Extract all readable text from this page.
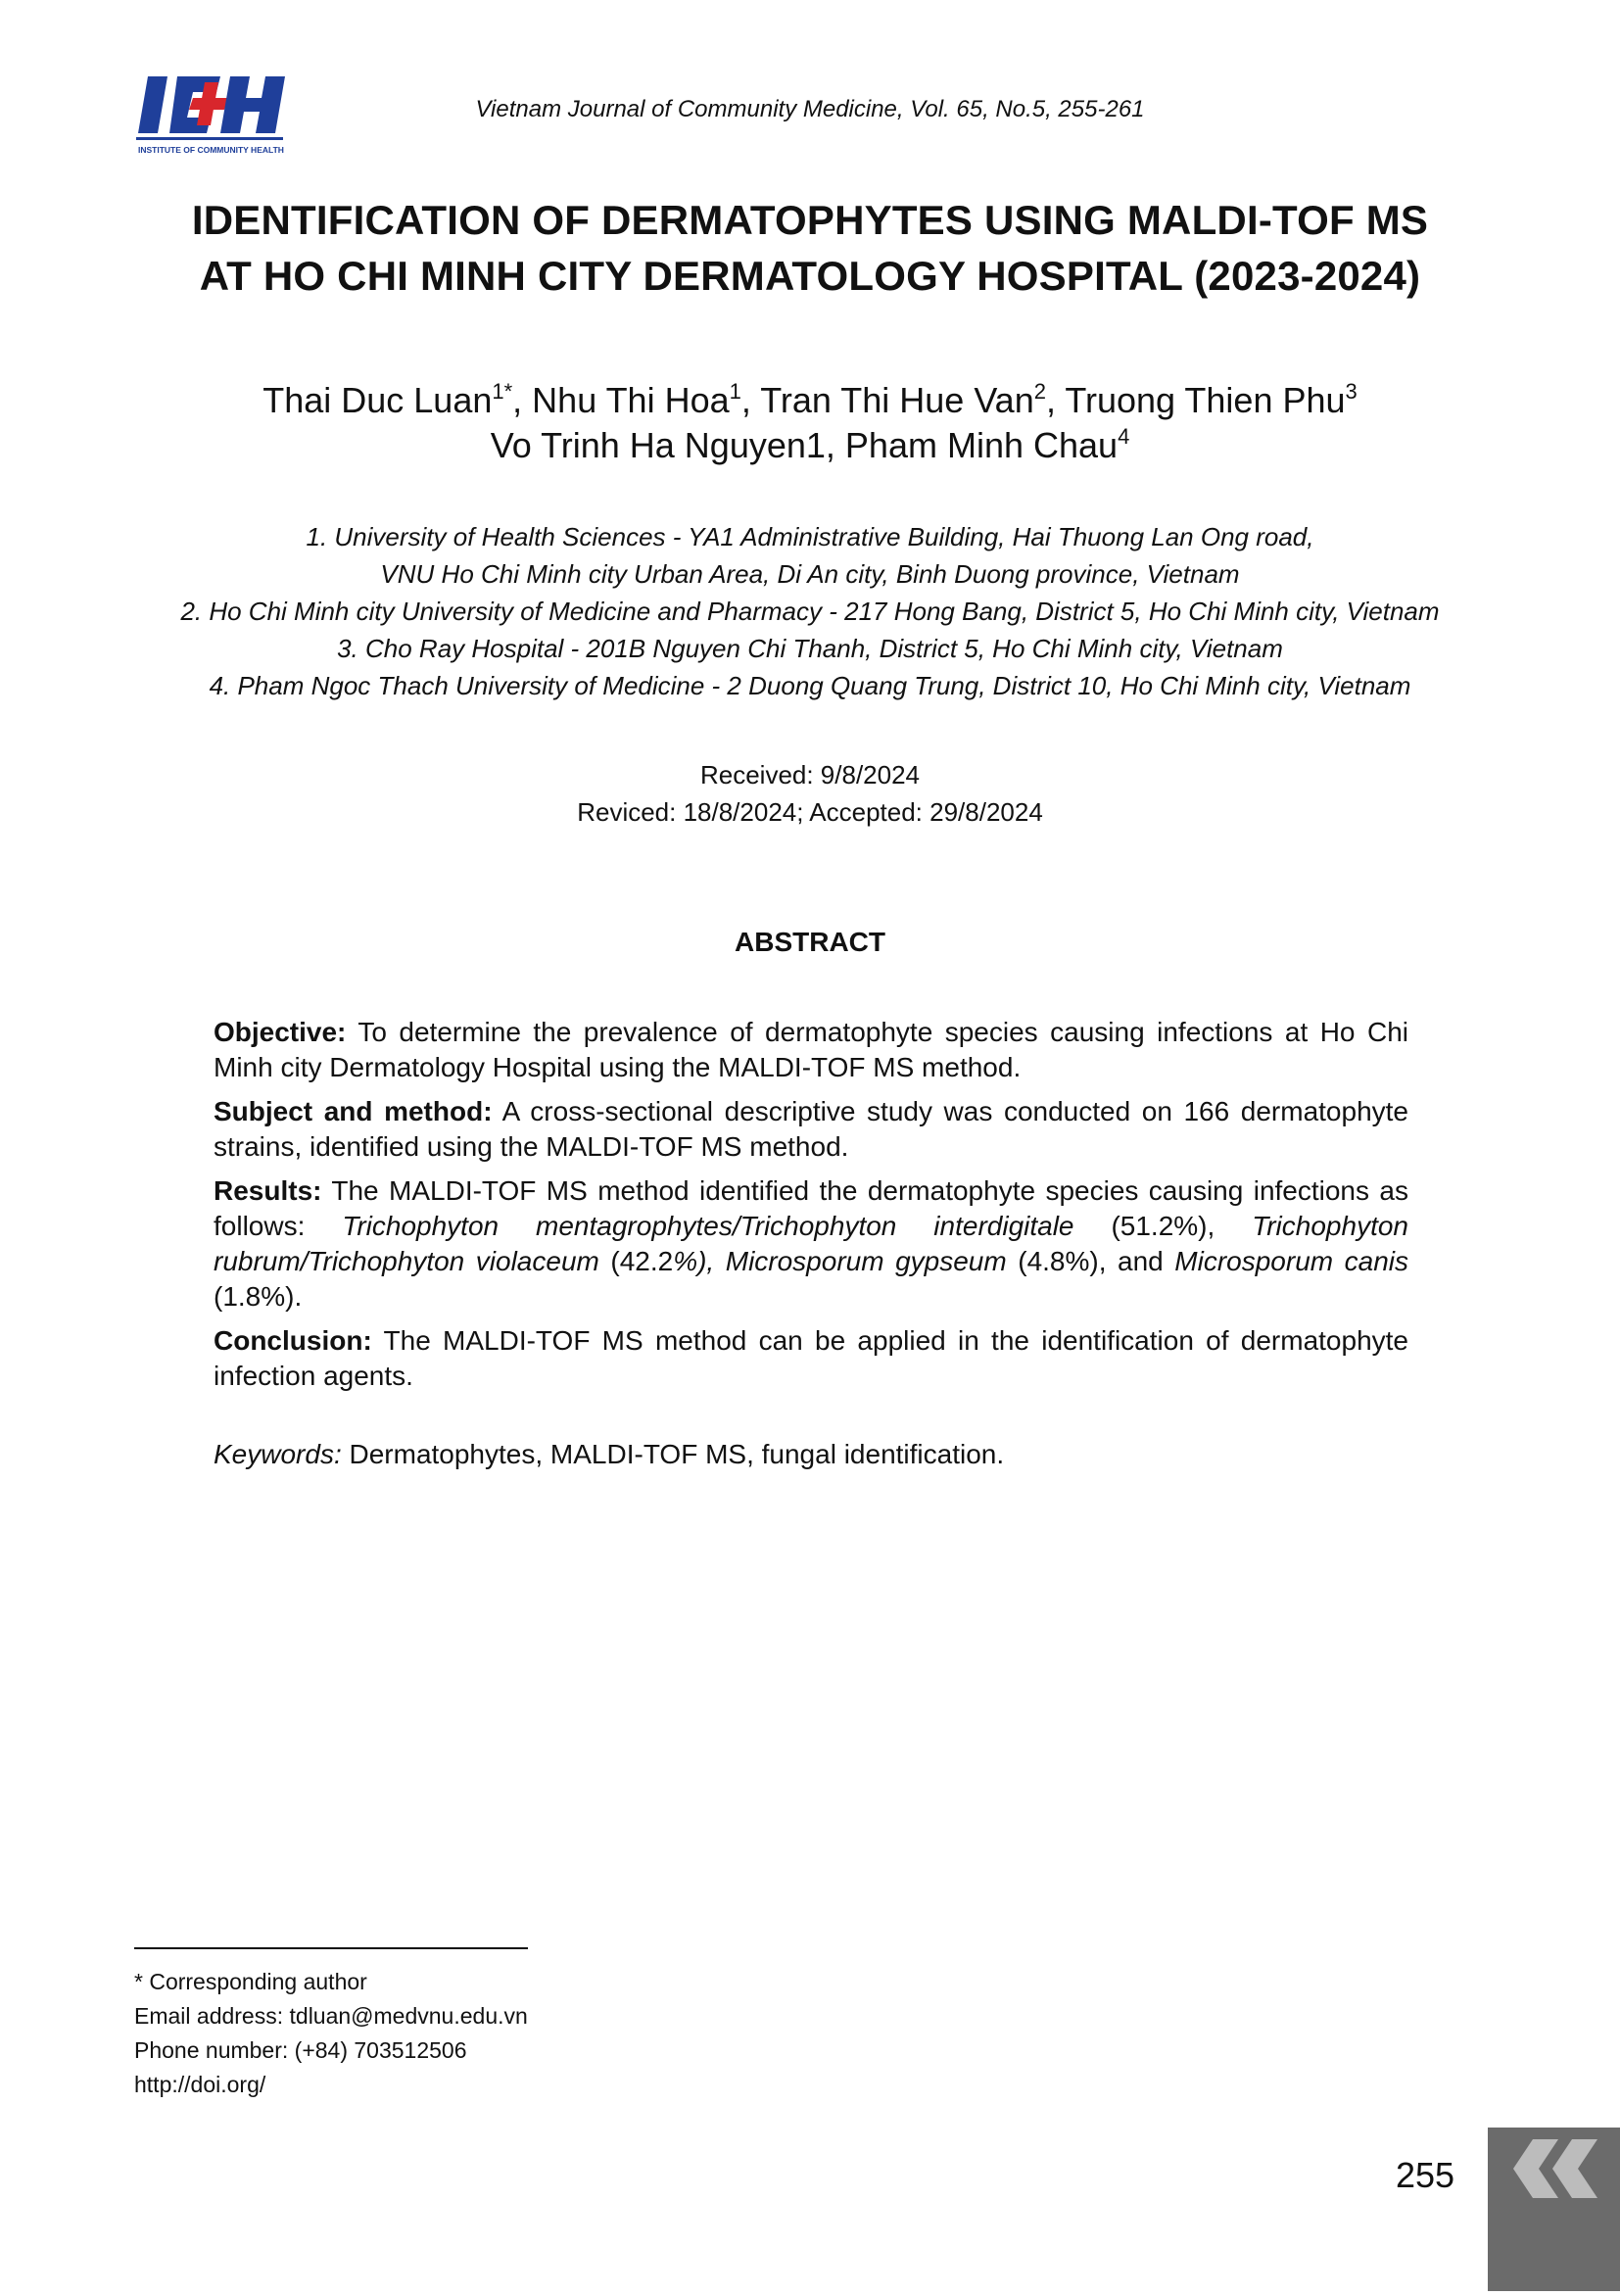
INSTITUTE OF COMMUNITY HEALTH
Vietnam Journal of Community Medicine, Vol. 65, No.5, 255-261
IDENTIFICATION OF DERMATOPHYTES USING MALDI-TOF MS
AT HO CHI MINH CITY DERMATOLOGY HOSPITAL (2023-2024)
Thai Duc Luan$^{1*}$, Nhu Thi Hoa$^1$, Tran Thi Hue Van$^2$, Truong Thien Phu$^3$
Vo Trinh Ha Nguyen1, Pham Minh Chau$^4$
1. University of Health Sciences - YA1 Administrative Building, Hai Thuong Lan Ong road,
VNU Ho Chi Minh city Urban Area, Di An city, Binh Duong province, Vietnam
2. Ho Chi Minh city University of Medicine and Pharmacy - 217 Hong Bang, District 5, Ho Chi Minh city, Vietnam
3. Cho Ray Hospital - 201B Nguyen Chi Thanh, District 5, Ho Chi Minh city, Vietnam
4. Pham Ngoc Thach University of Medicine - 2 Duong Quang Trung, District 10, Ho Chi Minh city, Vietnam
Received: 9/8/2024
Reviced: 18/8/2024; Accepted: 29/8/2024
ABSTRACT

Objective: To determine the prevalence of dermatophyte species causing infections at Ho Chi Minh city Dermatology Hospital using the MALDI-TOF MS method.

Subject and method: A cross-sectional descriptive study was conducted on 166 dermatophyte strains, identified using the MALDI-TOF MS method.

Results: The MALDI-TOF MS method identified the dermatophyte species causing infections as follows: Trichophyton mentagrophytes/Trichophyton interdigitale (51.2%), Trichophyton rubrum/Trichophyton violaceum (42.2%), Microsporum gypseum (4.8%), and Microsporum canis (1.8%).

Conclusion: The MALDI-TOF MS method can be applied in the identification of dermatophyte infection agents.

Keywords: Dermatophytes, MALDI-TOF MS, fungal identification.

* Corresponding author
Email address: tdluan@medvnu.edu.vn
Phone number: (+84) 703512506
http://doi.org/
255
